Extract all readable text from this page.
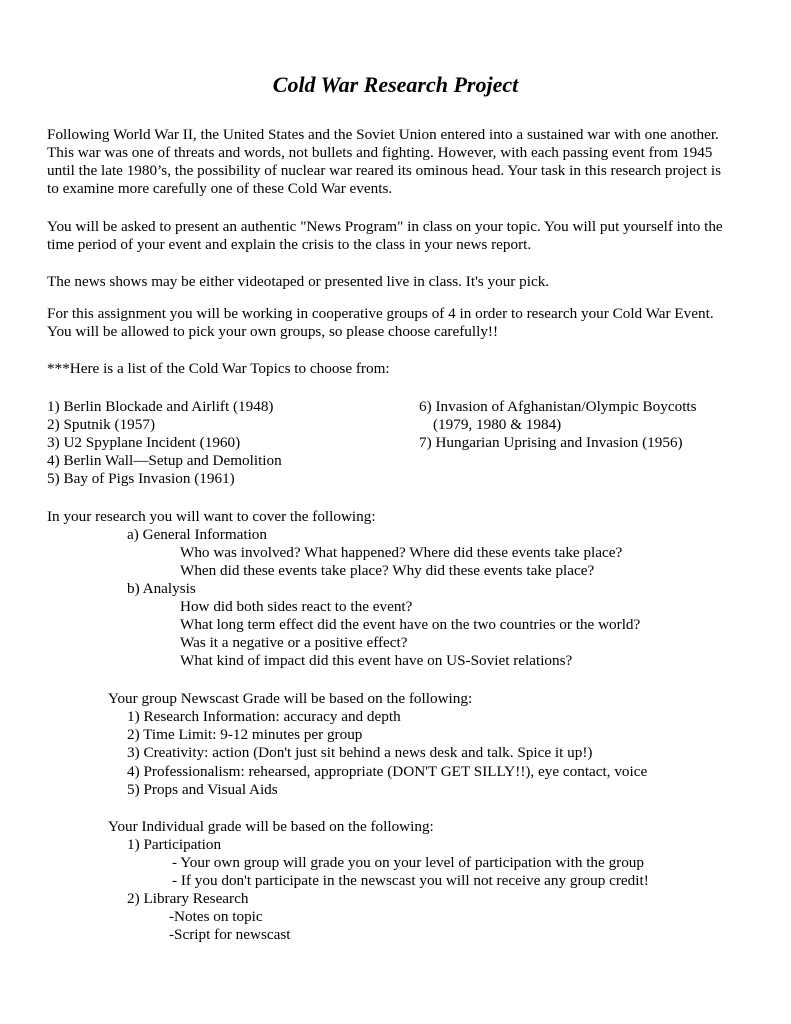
Cold War Research Project

Following World War II, the United States and the Soviet Union entered into a sustained war with one another.

This war was one of threats and words, not bullets and fighting. However, with each passing event from 1945

until the late 1980’s, the possibility of nuclear war reared its ominous head. Your task in this research project is

to examine more carefully one of these Cold War events.

You will be asked to present an authentic "News Program" in class on your topic. You will put yourself into the

time period of your event and explain the crisis to the class in your news report.

The news shows may be either videotaped or presented live in class. It's your pick.

For this assignment you will be working in cooperative groups of 4 in order to research your Cold War Event.

You will be allowed to pick your own groups, so please choose carefully!!

***Here is a list of the Cold War Topics to choose from:

1) Berlin Blockade and Airlift (1948)

2) Sputnik (1957)

3) U2 Spyplane Incident (1960)

4) Berlin Wall—Setup and Demolition

5) Bay of Pigs Invasion (1961)

6) Invasion of Afghanistan/Olympic Boycotts

(1979, 1980 & 1984)

7) Hungarian Uprising and Invasion (1956)

In your research you will want to cover the following:

a) General Information

Who was involved? What happened? Where did these events take place?

When did these events take place? Why did these events take place?

b) Analysis

How did both sides react to the event?

What long term effect did the event have on the two countries or the world?

Was it a negative or a positive effect?

What kind of impact did this event have on US-Soviet relations?

Your group Newscast Grade will be based on the following:

1) Research Information: accuracy and depth

2) Time Limit: 9-12 minutes per group

3) Creativity: action (Don't just sit behind a news desk and talk. Spice it up!)

4) Professionalism: rehearsed, appropriate (DON'T GET SILLY!!), eye contact, voice

5) Props and Visual Aids

Your Individual grade will be based on the following:

1) Participation

- Your own group will grade you on your level of participation with the group

- If you don't participate in the newscast you will not receive any group credit!

2) Library Research

-Notes on topic

-Script for newscast
